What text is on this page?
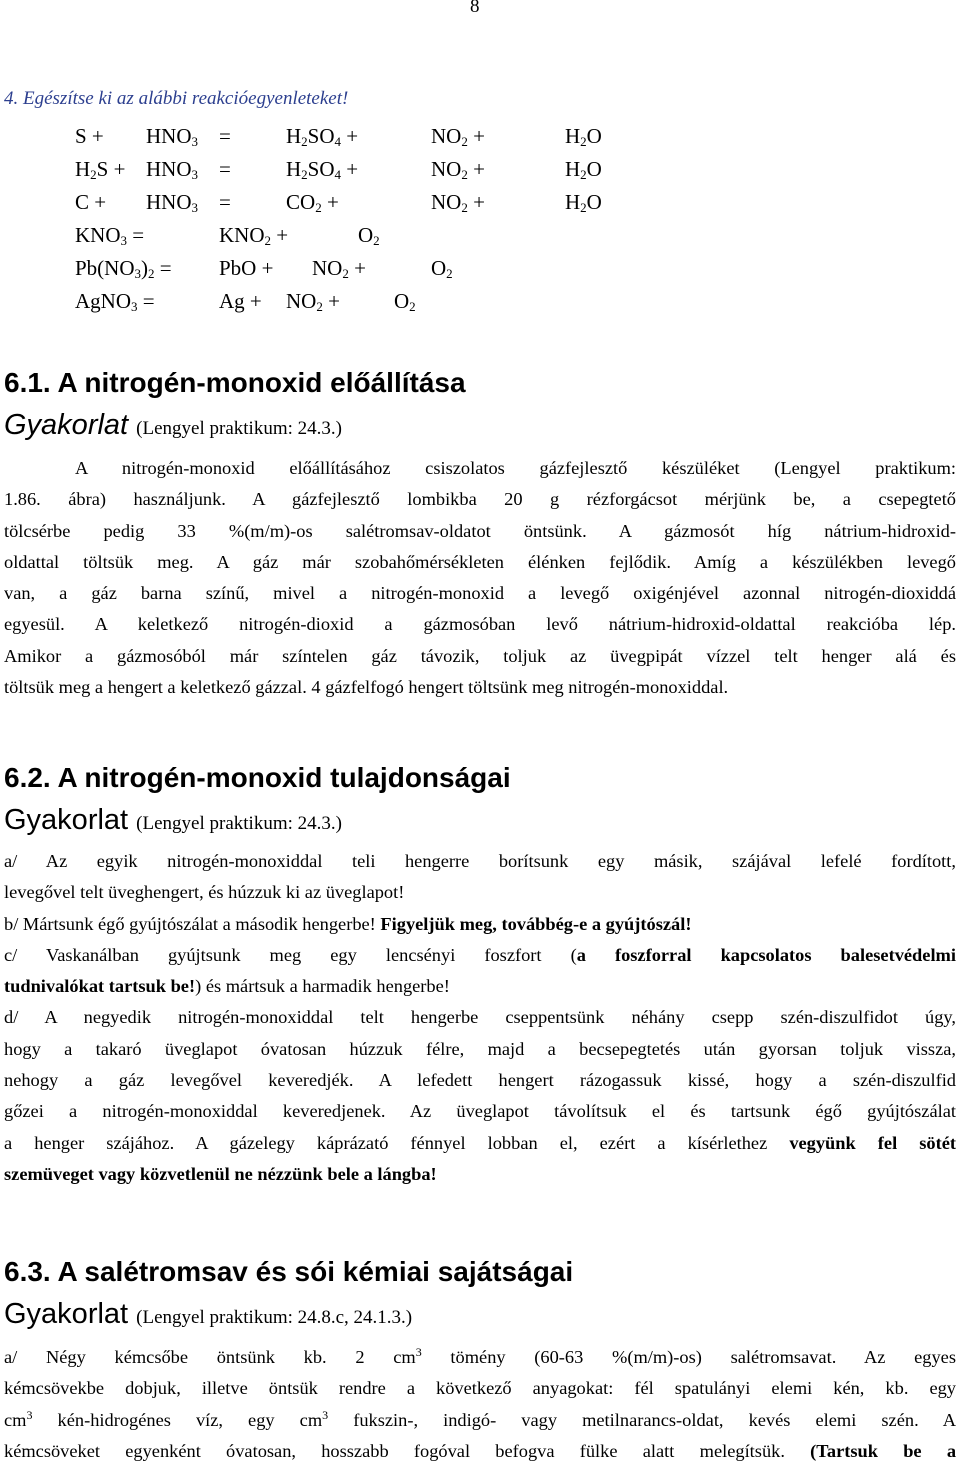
8
4. Egészítse ki az alábbi reakcióegyenleteket!
$S + HNO_3$ =	$H_2SO_4$ +	$NO_2$ +	$H_2O$
$H_2S + HNO_3$ =	$H_2SO_4$ +	$NO_2$ +	$H_2O$
$C + HNO_3$ =	$CO_2$ +	$NO_2$ +	$H_2O$
$KNO_3$ =	$KNO_2$ +	$O_2$
$Pb(NO_3)_2$ = PbO + $NO_2$ +	$O_2$
AgNO$_3$ =	$Ag + NO_2$ +	$O_2$
6.1. A nitrogén-monoxid előállítása
Gyakorlat (Lengyel praktikum: 24.3.)
A nitrogén-monoxid előállításához csiszolatos gázfejlesztő készüléket (Lengyel praktikum:
1.86. ábra) használjunk. A gázfejlesztő lombikba 20 g rézforgácsot mérjünk be, a csepegtető
tölcsérbe pedig 33 %(m/m)-os salétromsav-oldatot öntsünk. A gázmosót híg nátrium-hidroxid-
oldattal töltsük meg. A gáz már szobahőmérsékleten élénken fejlődik. Amíg a készülékben levegő
van, a gáz barna színű, mivel a nitrogén-monoxid a levegő oxigénjével azonnal nitrogén-dioxiddá
egyesül. A keletkező nitrogén-dioxid a gázmosóban levő nátrium-hidroxid-oldattal reakcióba lép.
Amikor a gázmosóból már színtelen gáz távozik, toljuk az üvegpipát vízzel telt henger alá és
töltsük meg a hengert a keletkező gázzal. 4 gázfelfogó hengert töltsünk meg nitrogén-monoxiddal.
6.2. A nitrogén-monoxid tulajdonságai
Gyakorlat (Lengyel praktikum: 24.3.)
a/ Az egyik nitrogén-monoxiddal teli hengerre borítsunk egy másik, szájával lefelé fordított,
levegővel telt üveghengert, és húzzuk ki az üveglapot!
b/ Mártsunk égő gyújtószálat a második hengerbe! Figyeljük meg, továbbég-e a gyújtószál!
c/ Vaskanálban gyújtsunk meg egy lencsényi foszfort (a foszforral kapcsolatos balesetvédelmi
tudnivalókat tartsuk be!) és mártsuk a harmadik hengerbe!
d/ A negyedik nitrogén-monoxiddal telt hengerbe cseppentsünk néhány csepp szén-diszulfidot úgy,
hogy a takaró üveglapot óvatosan húzzuk félre, majd a becsepegtetés után gyorsan toljuk vissza,
nehogy a gáz levegővel keveredjék. A lefedett hengert rázogassuk kissé, hogy a szén-diszulfid
gőzei a nitrogén-monoxiddal keveredjenek. Az üveglapot távolítsuk el és tartsunk égő gyújtószálat
a henger szájához. A gázelegy káprázató fénnyel lobban el, ezért a kísérlethez vegyünk fel sötét
szemüveget vagy közvetlenül ne nézzünk bele a lángba!
6.3. A salétromsav és sói kémiai sajátságai
Gyakorlat (Lengyel praktikum: 24.8.c, 24.1.3.)
a/ Négy kémcsőbe öntsünk kb. 2 $cm^3$ tömény (60-63 %(m/m)-os) salétromsavat. Az egyes
kémcsövekbe dobjuk, illetve öntsük rendre a következő anyagokat: fél spatulányi elemi kén, kb. egy
$cm^3$ kén-hidrogénes víz, egy $cm^3$ fukszin-, indigó- vagy metilnarancs-oldat, kevés elemi szén. A
kémcsöveket egyenként óvatosan, hosszabb fogóval befogva fülke alatt melegítsük. (Tartsuk be a
